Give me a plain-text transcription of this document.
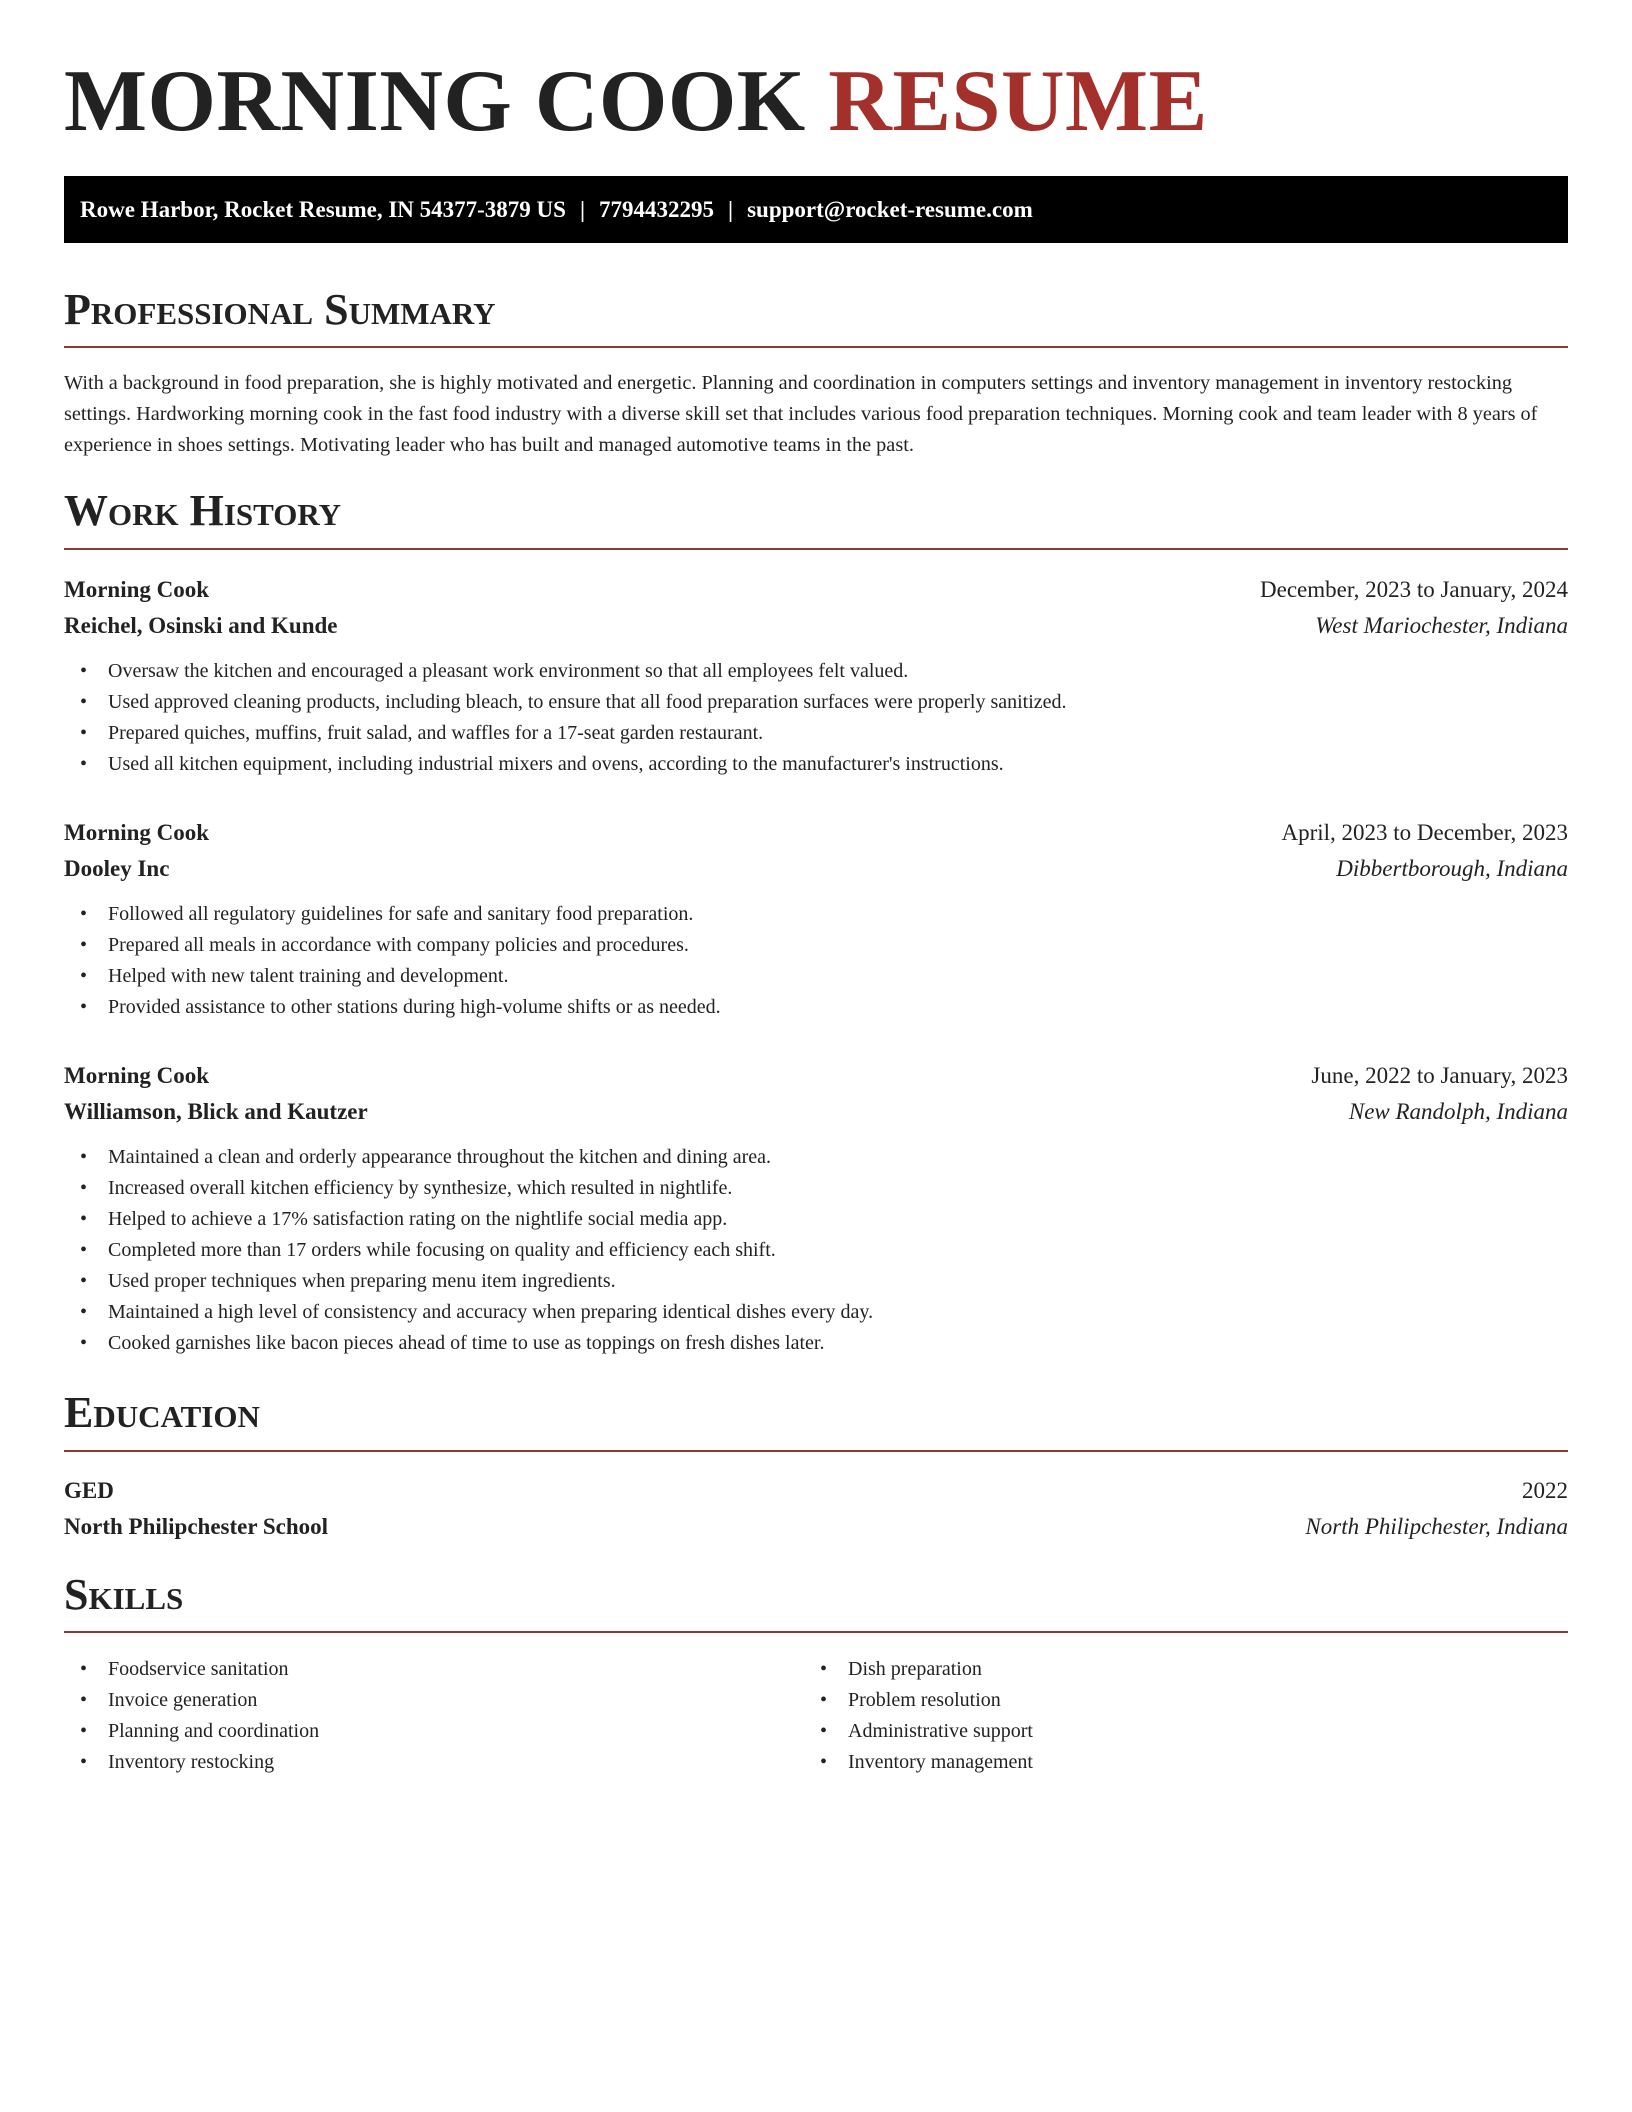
MORNING COOK RESUME
Rowe Harbor, Rocket Resume, IN 54377-3879 US | 7794432295 | support@rocket-resume.com
Professional Summary

With a background in food preparation, she is highly motivated and energetic. Planning and coordination in computers settings and inventory management in inventory restocking settings. Hardworking morning cook in the fast food industry with a diverse skill set that includes various food preparation techniques. Morning cook and team leader with 8 years of experience in shoes settings. Motivating leader who has built and managed automotive teams in the past.

Work History
Morning Cook	December, 2023 to January, 2024
Reichel, Osinski and Kunde	West Mariochester, Indiana
• Oversaw the kitchen and encouraged a pleasant work environment so that all employees felt valued.
• Used approved cleaning products, including bleach, to ensure that all food preparation surfaces were properly sanitized.
• Prepared quiches, muffins, fruit salad, and waffles for a 17-seat garden restaurant.
• Used all kitchen equipment, including industrial mixers and ovens, according to the manufacturer's instructions.
Morning Cook	April, 2023 to December, 2023
Dooley Inc	Dibbertborough, Indiana
• Followed all regulatory guidelines for safe and sanitary food preparation.
• Prepared all meals in accordance with company policies and procedures.
• Helped with new talent training and development.
• Provided assistance to other stations during high-volume shifts or as needed.
Morning Cook	June, 2022 to January, 2023
Williamson, Blick and Kautzer	New Randolph, Indiana
• Maintained a clean and orderly appearance throughout the kitchen and dining area.
• Increased overall kitchen efficiency by synthesize, which resulted in nightlife.
• Helped to achieve a 17% satisfaction rating on the nightlife social media app.
• Completed more than 17 orders while focusing on quality and efficiency each shift.
• Used proper techniques when preparing menu item ingredients.
• Maintained a high level of consistency and accuracy when preparing identical dishes every day.
• Cooked garnishes like bacon pieces ahead of time to use as toppings on fresh dishes later.
Education
GED	2022
North Philipchester School	North Philipchester, Indiana
Skills
• Foodservice sanitation
• Invoice generation
• Planning and coordination
• Inventory restocking
• Dish preparation
• Problem resolution
• Administrative support
• Inventory management
